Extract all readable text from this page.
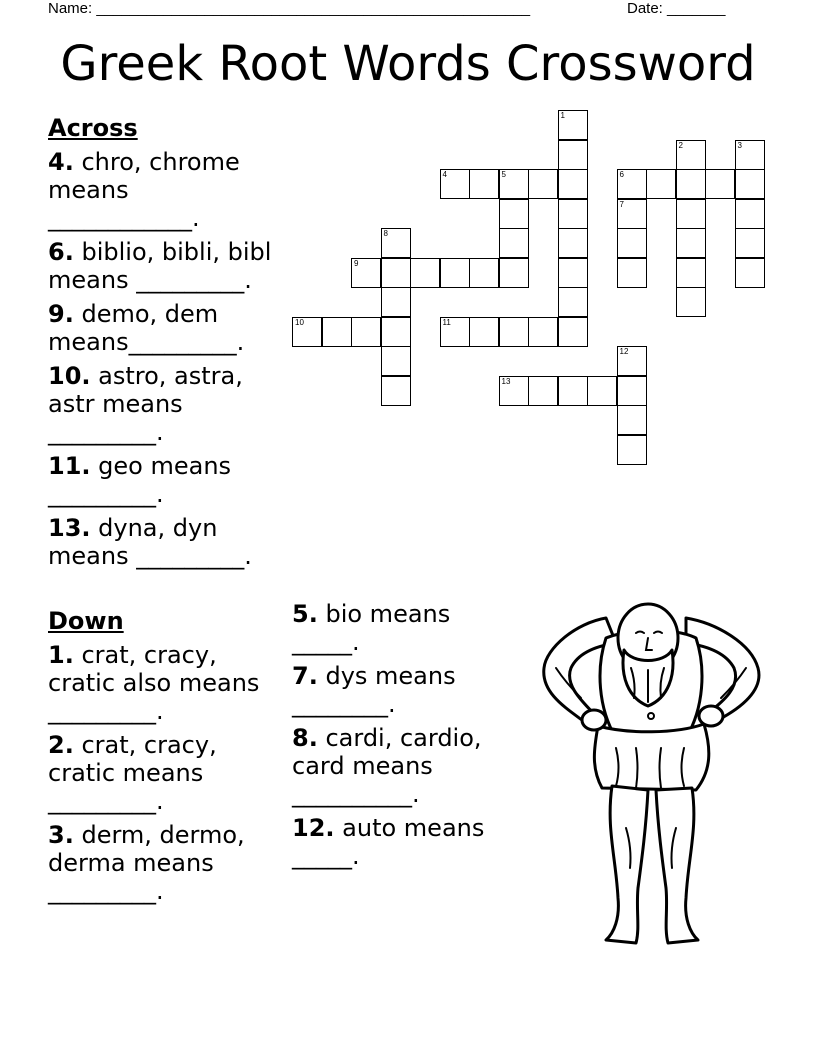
Name: ____________________________________________________

	Date: _______

Greek Root Words Crossword
Across
4. chro, chrome means ____________.
6. biblio, bibli, bibl means _________.
9. demo, dem means_________.
10. astro, astra, astr means _________.
11. geo means _________.
13. dyna, dyn means _________.
Down
1. crat, cracy, cratic also means _________.
2. crat, cracy, cratic means _________.
3. derm, dermo, derma means _________.
5. bio means _____.
7. dys means ________.
8. cardi, cardio, card means __________.
12. auto means _____.
4	5	6
9
10	11
13
1
2	3
7
8
12
